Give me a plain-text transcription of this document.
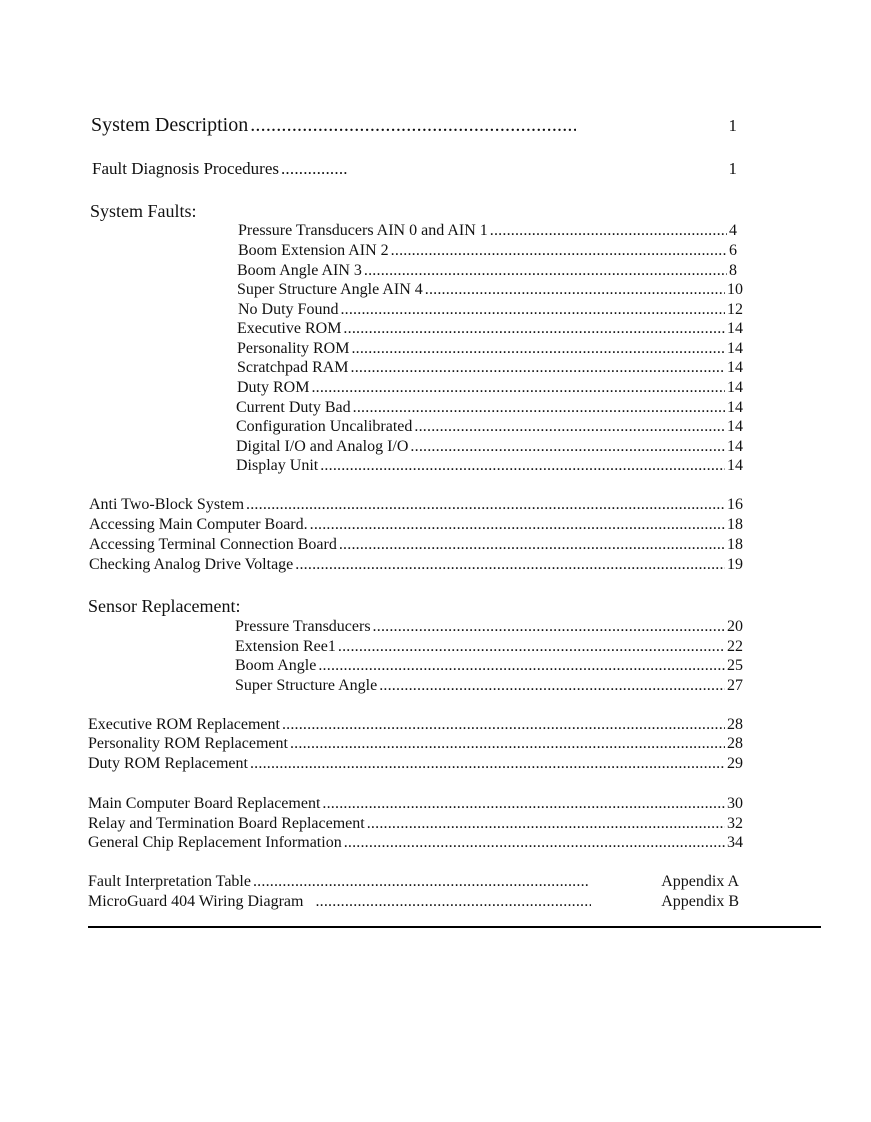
System Description .....	1
Fault Diagnosis Procedures .....	1
System Faults:
Pressure Transducers AIN 0 and AIN 1 .....	4
Boom Extension AIN 2 .....	6
Boom Angle AIN 3 .....	8
Super Structure Angle AIN 4 .....	10
No Duty Found .....	12
Executive ROM .....	14
Personality ROM .....	14
Scratchpad RAM .....	14
Duty ROM .....	14
Current Duty Bad .....	14
Configuration Uncalibrated .....	14
Digital I/O and Analog I/O .....	14
Display Unit .....	14
Anti Two-Block System .....	16
Accessing Main Computer Board. .....	18
Accessing Terminal Connection Board .....	18
Checking Analog Drive Voltage .....	19
Sensor Replacement:
Pressure Transducers .....	20
Extension Ree1 .....	22
Boom Angle .....	25
Super Structure Angle .....	27
Executive ROM Replacement .....	28
Personality ROM Replacement .....	28
Duty ROM Replacement .....	29
Main Computer Board Replacement .....	30
Relay and Termination Board Replacement .....	32
General Chip Replacement Information .....	34
Fault Interpretation Table .....	Appendix A
MicroGuard 404 Wiring Diagram .....	Appendix B
